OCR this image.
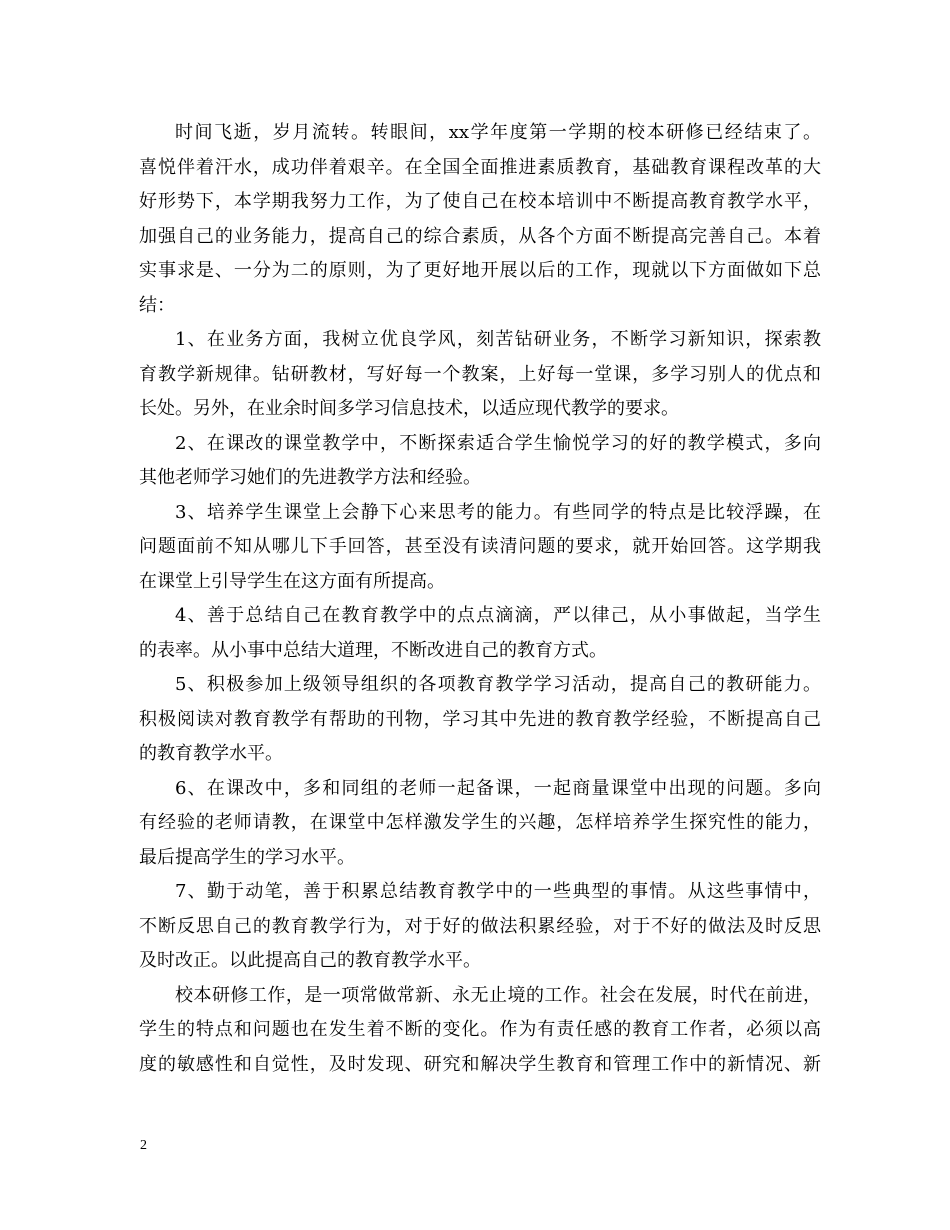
时间飞逝，岁月流转。转眼间，xx学年度第一学期的校本研修已经结束了。
喜悦伴着汗水，成功伴着艰辛。在全国全面推进素质教育，基础教育课程改革的大
好形势下，本学期我努力工作，为了使自己在校本培训中不断提高教育教学水平，
加强自己的业务能力，提高自己的综合素质，从各个方面不断提高完善自己。本着
实事求是、一分为二的原则，为了更好地开展以后的工作，现就以下方面做如下总
结：
1、在业务方面，我树立优良学风，刻苦钻研业务，不断学习新知识，探索教
育教学新规律。钻研教材，写好每一个教案，上好每一堂课，多学习别人的优点和
长处。另外，在业余时间多学习信息技术，以适应现代教学的要求。
2、在课改的课堂教学中，不断探索适合学生愉悦学习的好的教学模式，多向
其他老师学习她们的先进教学方法和经验。
3、培养学生课堂上会静下心来思考的能力。有些同学的特点是比较浮躁，在
问题面前不知从哪儿下手回答，甚至没有读清问题的要求，就开始回答。这学期我
在课堂上引导学生在这方面有所提高。
4、善于总结自己在教育教学中的点点滴滴，严以律己，从小事做起，当学生
的表率。从小事中总结大道理，不断改进自己的教育方式。
5、积极参加上级领导组织的各项教育教学学习活动，提高自己的教研能力。
积极阅读对教育教学有帮助的刊物，学习其中先进的教育教学经验，不断提高自己
的教育教学水平。
6、在课改中，多和同组的老师一起备课，一起商量课堂中出现的问题。多向
有经验的老师请教，在课堂中怎样激发学生的兴趣，怎样培养学生探究性的能力，
最后提高学生的学习水平。
7、勤于动笔，善于积累总结教育教学中的一些典型的事情。从这些事情中，
不断反思自己的教育教学行为，对于好的做法积累经验，对于不好的做法及时反思
及时改正。以此提高自己的教育教学水平。
校本研修工作，是一项常做常新、永无止境的工作。社会在发展，时代在前进，
学生的特点和问题也在发生着不断的变化。作为有责任感的教育工作者，必须以高
度的敏感性和自觉性，及时发现、研究和解决学生教育和管理工作中的新情况、新
2
